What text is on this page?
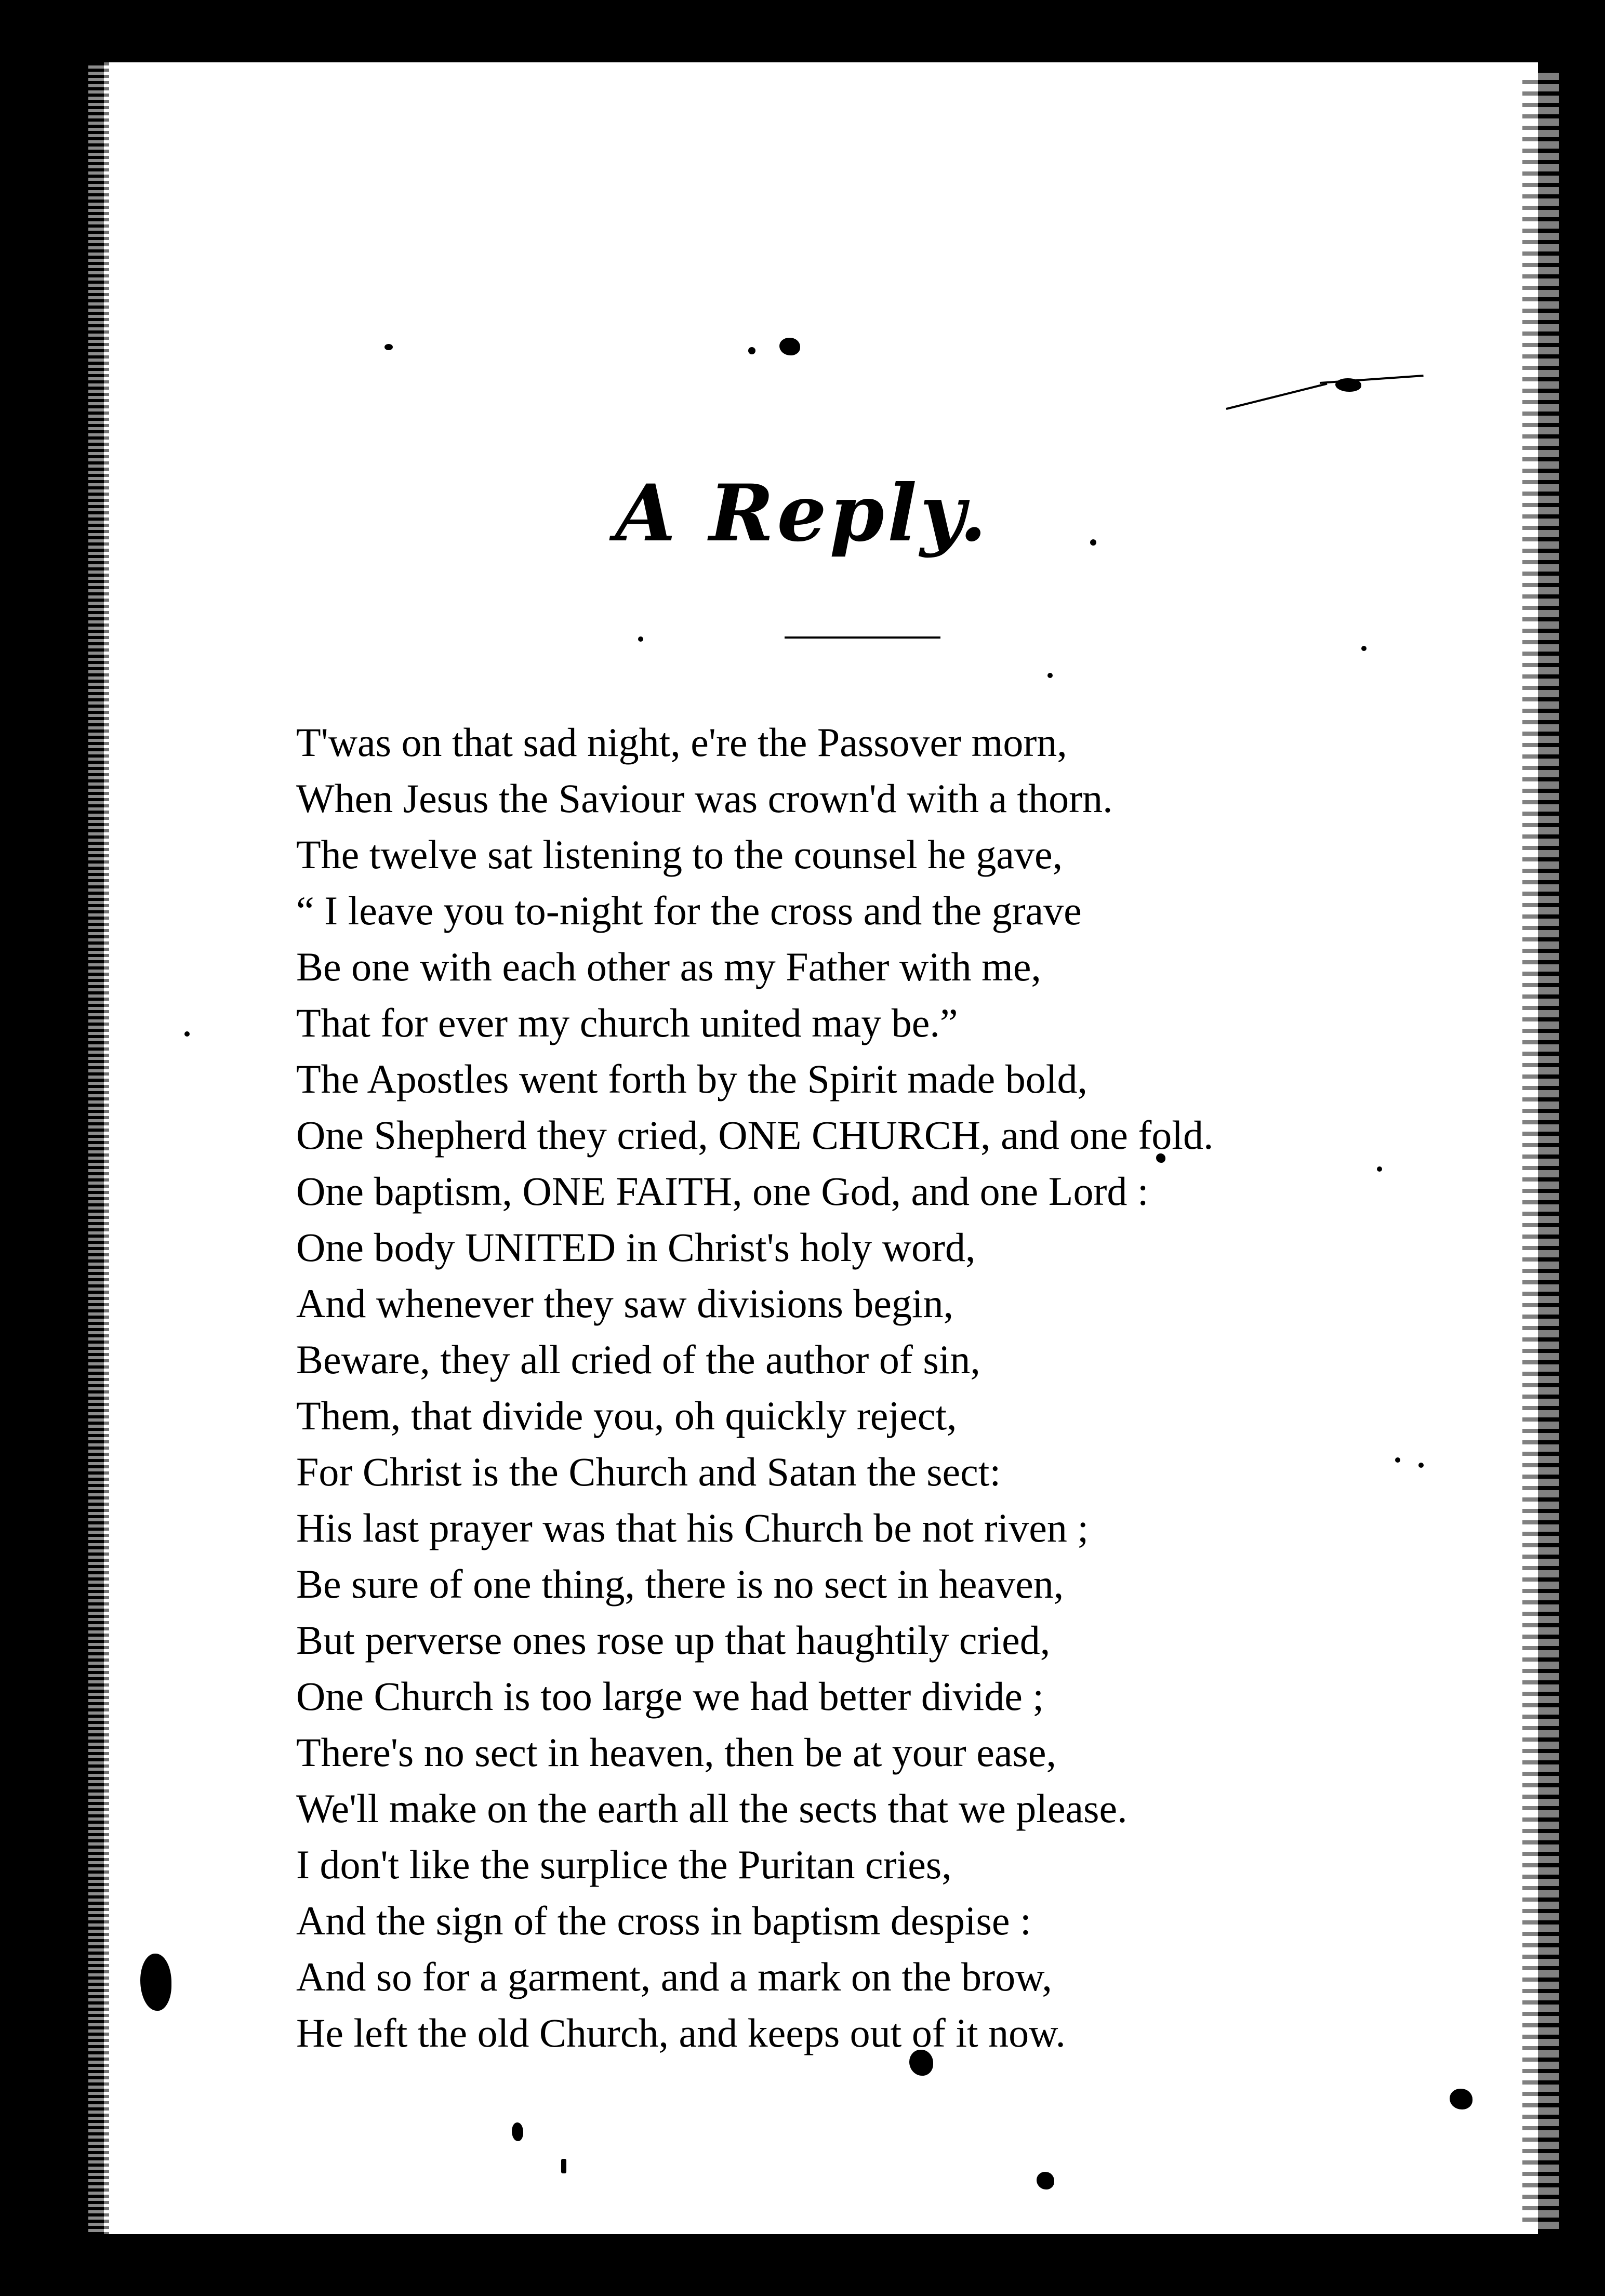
A Reply.
T'was on that sad night, e're the Passover morn,
When Jesus the Saviour was crown'd with a thorn.
The twelve sat listening to the counsel he gave,
“ I leave you to-night for the cross and the grave
Be one with each other as my Father with me,
That for ever my church united may be.”
The Apostles went forth by the Spirit made bold,
One Shepherd they cried, ONE CHURCH, and one fold.
One baptism, ONE FAITH, one God, and one Lord :
One body UNITED in Christ's holy word,
And whenever they saw divisions begin,
Beware, they all cried of the author of sin,
Them, that divide you, oh quickly reject,
For Christ is the Church and Satan the sect:
His last prayer was that his Church be not riven ;
Be sure of one thing, there is no sect in heaven,
But perverse ones rose up that haughtily cried,
One Church is too large we had better divide ;
There's no sect in heaven, then be at your ease,
We'll make on the earth all the sects that we please.
I don't like the surplice the Puritan cries,
And the sign of the cross in baptism despise :
And so for a garment, and a mark on the brow,
He left the old Church, and keeps out of it now.
